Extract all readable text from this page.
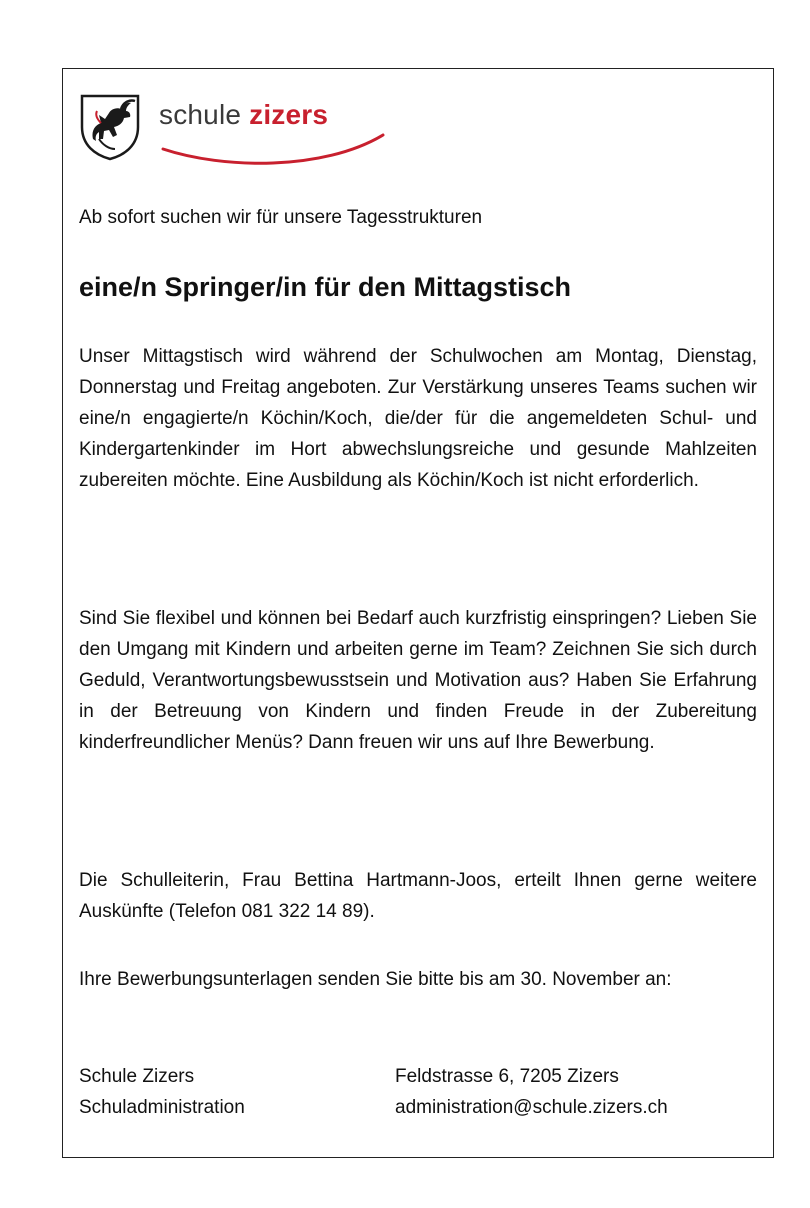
schule zizers
Ab sofort suchen wir für unsere Tagesstrukturen
eine/n Springer/in für den Mittagstisch
Unser Mittagstisch wird während der Schulwochen am Montag, Dienstag, Donnerstag und Freitag angeboten. Zur Verstärkung unseres Teams suchen wir eine/n engagierte/n Köchin/Koch, die/der für die angemeldeten Schul- und Kindergartenkinder im Hort abwechslungsreiche und gesunde Mahlzeiten zubereiten möchte. Eine Ausbildung als Köchin/Koch ist nicht erforderlich.
Sind Sie flexibel und können bei Bedarf auch kurzfristig einspringen? Lieben Sie den Umgang mit Kindern und arbeiten gerne im Team? Zeichnen Sie sich durch Geduld, Verantwortungsbewusstsein und Motivation aus? Haben Sie Erfahrung in der Betreuung von Kindern und finden Freude in der Zubereitung kinderfreundlicher Menüs? Dann freuen wir uns auf Ihre Bewerbung.
Die Schulleiterin, Frau Bettina Hartmann-Joos, erteilt Ihnen gerne weitere Auskünfte (Telefon 081 322 14 89).
Ihre Bewerbungsunterlagen senden Sie bitte bis am 30. November an:
Schule Zizers	Feldstrasse 6, 7205 Zizers
Schuladministration	administration@schule.zizers.ch
